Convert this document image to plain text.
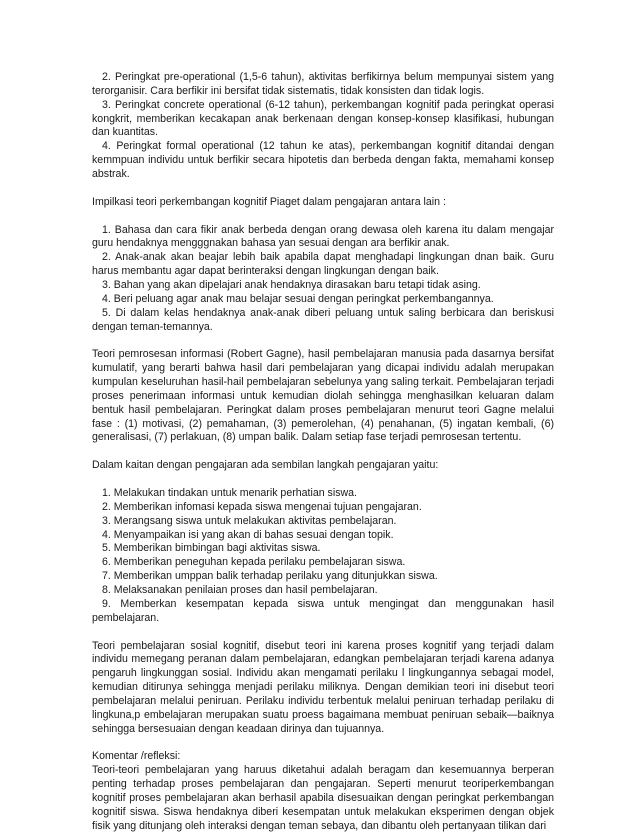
2. Peringkat pre-operational (1,5-6 tahun), aktivitas berfikirnya belum mempunyai sistem yang terorganisir. Cara berfikir ini bersifat tidak sistematis, tidak konsisten dan tidak logis.

3. Peringkat concrete operational (6-12 tahun), perkembangan kognitif pada peringkat operasi kongkrit, memberikan kecakapan anak berkenaan dengan konsep-konsep klasifikasi, hubungan dan kuantitas.

4. Peringkat formal operational (12 tahun ke atas), perkembangan kognitif ditandai dengan kemmpuan individu untuk berfikir secara hipotetis dan berbeda dengan fakta, memahami konsep abstrak.

Impilkasi teori perkembangan kognitif Piaget dalam pengajaran antara lain :

1. Bahasa dan cara fikir anak berbeda dengan orang dewasa oleh karena itu dalam mengajar guru hendaknya mengggnakan bahasa yan sesuai dengan ara berfikir anak.

2. Anak-anak akan beajar lebih baik apabila dapat menghadapi lingkungan dnan baik. Guru harus membantu agar dapat berinteraksi dengan lingkungan dengan baik.

3. Bahan yang akan dipelajari anak hendaknya dirasakan baru tetapi tidak asing.

4. Beri peluang agar anak mau belajar sesuai dengan peringkat perkembangannya.

5. Di dalam kelas hendaknya anak-anak diberi peluang untuk saling berbicara dan beriskusi dengan teman-temannya.

Teori pemrosesan informasi (Robert Gagne), hasil pembelajaran manusia pada dasarnya bersifat kumulatif, yang berarti bahwa hasil dari pembelajaran yang dicapai individu adalah merupakan kumpulan keseluruhan hasil-hail pembelajaran sebelunya yang saling terkait. Pembelajaran terjadi proses penerimaan informasi untuk kemudian diolah sehingga menghasilkan keluaran dalam bentuk hasil pembelajaran. Peringkat dalam proses pembelajaran menurut teori Gagne melalui fase : (1) motivasi, (2) pemahaman, (3) pemerolehan, (4) penahanan, (5) ingatan kembali, (6) generalisasi, (7) perlakuan, (8) umpan balik. Dalam setiap fase terjadi pemrosesan tertentu.

Dalam kaitan dengan pengajaran ada sembilan langkah pengajaran yaitu:

1. Melakukan tindakan untuk menarik perhatian siswa.

2. Memberikan infomasi kepada siswa mengenai tujuan pengajaran.

3. Merangsang siswa untuk melakukan aktivitas pembelajaran.

4. Menyampaikan isi yang akan di bahas sesuai dengan topik.

5. Memberikan bimbingan bagi aktivitas siswa.

6. Memberikan peneguhan kepada perilaku pembelajaran siswa.

7. Memberikan umppan balik terhadap perilaku yang ditunjukkan siswa.

8. Melaksanakan penilaian proses dan hasil pembelajaran.

9. Memberkan kesempatan kepada siswa untuk mengingat dan menggunakan hasil pembelajaran.

Teori pembelajaran sosial kognitif, disebut teori ini karena proses kognitif yang terjadi dalam individu memegang peranan dalam pembelajaran, edangkan pembelajaran terjadi karena adanya pengaruh lingkunggan sosial. Individu akan mengamati perilaku l lingkungannya sebagai model, kemudian ditirunya sehingga menjadi perilaku miliknya. Dengan demikian teori ini disebut teori pembelajaran melalui peniruan. Perilaku individu terbentuk melalui peniruan terhadap perilaku di lingkuna,p embelajaran merupakan suatu proess bagaimana membuat peniruan sebaik—baiknya sehingga bersesuaian dengan keadaan dirinya dan tujuannya.

Komentar /refleksi:

Teori-teori pembelajaran yang haruus diketahui adalah beragam dan kesemuannya berperan penting terhadap proses pembelajaran dan pengajaran. Seperti menurut teoriperkembangan kognitif proses pembelajaran akan berhasil apabila disesuaikan dengan peringkat perkembangan kognitif siswa. Siswa hendaknya diberi kesempatan untuk melakukan eksperimen dengan objek fisik yang ditunjang oleh interaksi dengan teman sebaya, dan dibantu oleh pertanyaan tilikan dari
